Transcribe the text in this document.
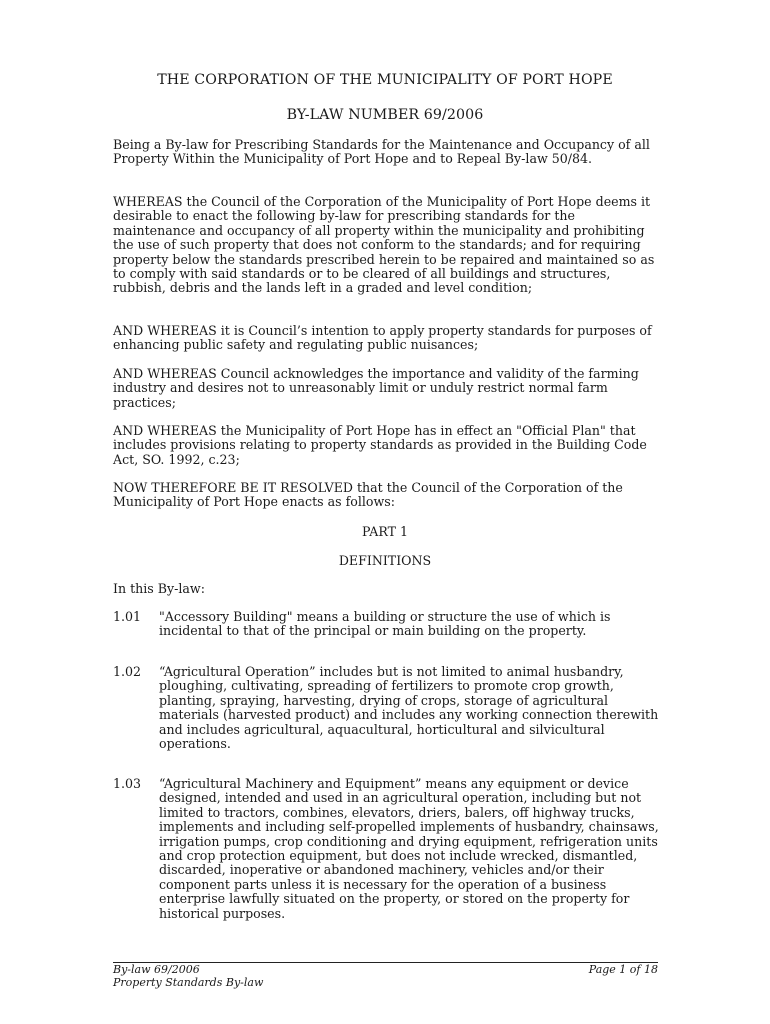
THE CORPORATION OF THE MUNICIPALITY OF PORT HOPE
BY-LAW NUMBER 69/2006

Being a By-law for Prescribing Standards for the Maintenance and Occupancy of all Property Within the Municipality of Port Hope and to Repeal By-law 50/84.

WHEREAS the Council of the Corporation of the Municipality of Port Hope deems it desirable to enact the following by-law for prescribing standards for the maintenance and occupancy of all property within the municipality and prohibiting the use of such property that does not conform to the standards; and for requiring property below the standards prescribed herein to be repaired and maintained so as to comply with said standards or to be cleared of all buildings and structures, rubbish, debris and the lands left in a graded and level condition;

AND WHEREAS it is Council’s intention to apply property standards for purposes of enhancing public safety and regulating public nuisances;

AND WHEREAS Council acknowledges the importance and validity of the farming industry and desires not to unreasonably limit or unduly restrict normal farm practices;

AND WHEREAS the Municipality of Port Hope has in effect an "Official Plan" that includes provisions relating to property standards as provided in the Building Code Act, SO. 1992, c.23;

NOW THEREFORE BE IT RESOLVED that the Council of the Corporation of the Municipality of Port Hope enacts as follows:

PART 1
DEFINITIONS

In this By-law:

1.01 "Accessory Building" means a building or structure the use of which is incidental to that of the principal or main building on the property.

1.02 “Agricultural Operation” includes but is not limited to animal husbandry, ploughing, cultivating, spreading of fertilizers to promote crop growth, planting, spraying, harvesting, drying of crops, storage of agricultural materials (harvested product) and includes any working connection therewith and includes agricultural, aquacultural, horticultural and silvicultural operations.

1.03 “Agricultural Machinery and Equipment” means any equipment or device designed, intended and used in an agricultural operation, including but not limited to tractors, combines, elevators, driers, balers, off highway trucks, implements and including self-propelled implements of husbandry, chainsaws, irrigation pumps, crop conditioning and drying equipment, refrigeration units and crop protection equipment, but does not include wrecked, dismantled, discarded, inoperative or abandoned machinery, vehicles and/or their component parts unless it is necessary for the operation of a business enterprise lawfully situated on the property, or stored on the property for historical purposes.

By-law 69/2006
Property Standards By-law
Page 1 of 18
